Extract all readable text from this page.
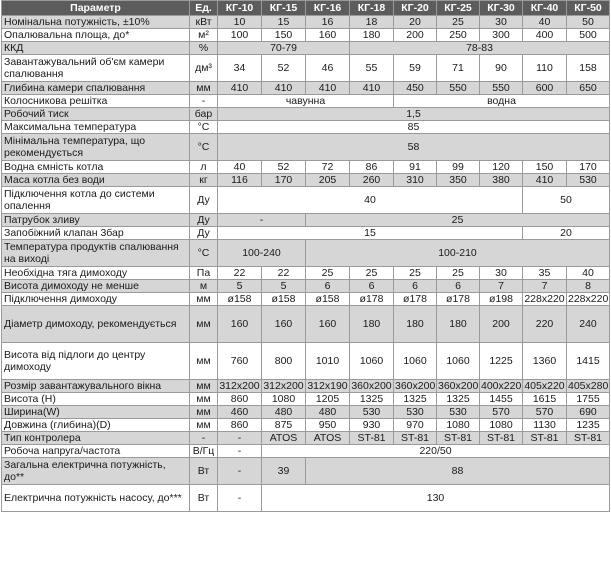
Параметр	Ед.	КГ-10	КГ-15	КГ-16	КГ-18	КГ-20	КГ-25	КГ-30	КГ-40	КГ-50
Номінальна потужність, ±10%	кВт	10	15	16	18	20	25	30	40	50
Опалювальна площа, до*	м²	100	150	160	180	200	250	300	400	500
ККД	%	70-79			78-83					
Завантажувальний об'єм камери спалювання	дм³	34	52	46	55	59	71	90	110	158
Глибина камери спалювання	мм	410	410	410	410	450	550	550	600	650
Колосникова решітка	-	чавунна				водна				
Робочий тиск	бар	1,5								
Максимальна температура	°C	85								
Мінімальна температура, що рекомендується	°C	58								
Водна ємність котла	л	40	52	72	86	91	99	120	150	170
Маса котла без води	кг	116	170	205	260	310	350	380	410	530
Підключення котла до системи опалення	Ду	40							50	
Патрубок зливу	Ду	-		25						
Запобіжний клапан 3бар	Ду	15							20	
Температура продуктів спалювання на виході	°C	100-240		100-210						
Необхідна тяга димоходу	Па	22	22	25	25	25	25	30	35	40
Висота димоходу не менше	м	5	5	6	6	6	6	7	7	8
Підключення димоходу	мм	ø158	ø158	ø158	ø178	ø178	ø178	ø198	228x220	228x220
Діаметр димоходу, рекомендується	мм	160	160	160	180	180	180	200	220	240
Висота від підлоги до центру димоходу	мм	760	800	1010	1060	1060	1060	1225	1360	1415
Розмір завантажувального вікна	мм	312x200	312x200	312x190	360x200	360x200	360x200	400x220	405x220	405x280
Висота (H)	мм	860	1080	1205	1325	1325	1325	1455	1615	1755
Ширина(W)	мм	460	480	480	530	530	530	570	570	690
Довжина (глибина)(D)	мм	860	875	950	930	970	1080	1080	1130	1235
Тип контролера	-	-	ATOS	ATOS	ST-81	ST-81	ST-81	ST-81	ST-81	ST-81
Робоча напруга/частота	В/Гц	-	220/50							
Загальна електрична потужність, до**	Вт	-	39	88						
Електрична потужність насосу, до***	Вт	-	130							
